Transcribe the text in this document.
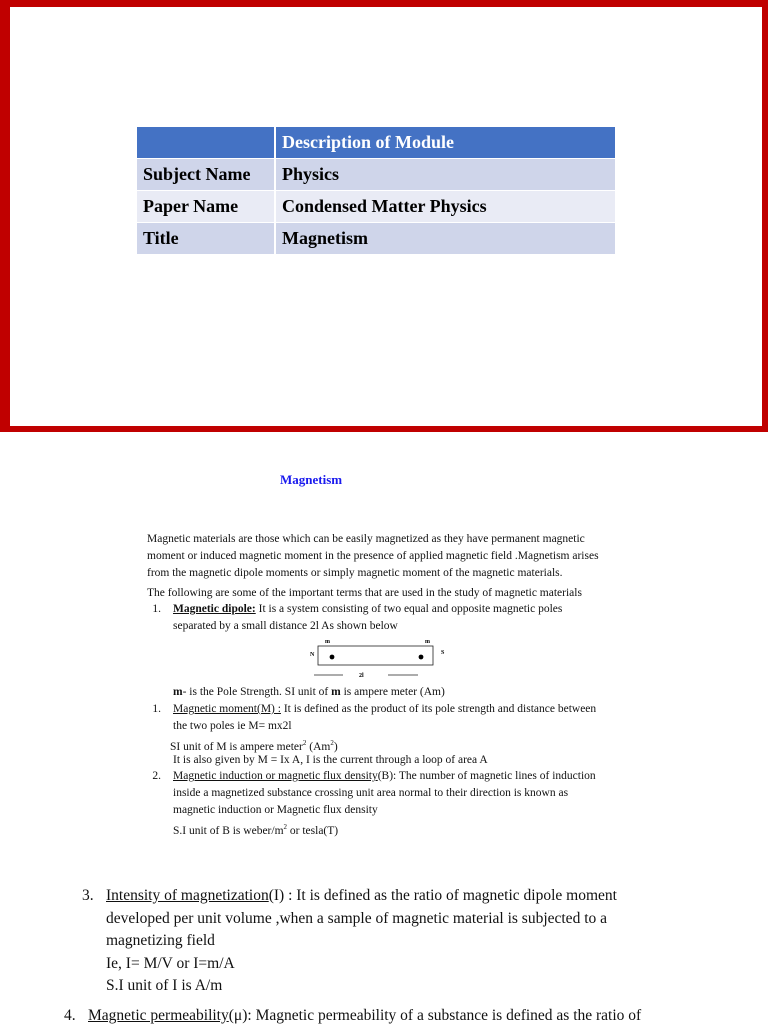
	Description of Module
Subject Name	Physics
Paper Name	Condensed Matter Physics
Title	Magnetism
Magnetism
Magnetic materials are those which can be easily magnetized as they have permanent magnetic moment or induced magnetic moment in the presence of applied magnetic field .Magnetism arises from the magnetic dipole moments or simply magnetic moment of the magnetic materials.
The following are some of the important terms that are used in the study of magnetic materials
1. Magnetic dipole: It is a system consisting of two equal and opposite magnetic poles
separated by a small distance 2l As shown below
m	m
N	S
2l
m- is the Pole Strength. SI unit of m is ampere meter (Am)
1. Magnetic moment(M) : It is defined as the product of its pole strength and distance between
the two poles ie M= mx2l
SI unit of M is ampere meter$^2$ (Am$^2$)
It is also given by M = Ix A, I is the current through a loop of area A
2. Magnetic induction or magnetic flux density(B): The number of magnetic lines of induction
inside a magnetized substance crossing unit area normal to their direction is known as
magnetic induction or Magnetic flux density
S.I unit of B is weber/$m^2$ or tesla(T)
3. Intensity of magnetization(I) : It is defined as the ratio of magnetic dipole moment
developed per unit volume ,when a sample of magnetic material is subjected to a
magnetizing field
Ie, I= M/V or I=m/A
S.I unit of I is A/m
4. Magnetic permeability(μ): Magnetic permeability of a substance is defined as the ratio of
